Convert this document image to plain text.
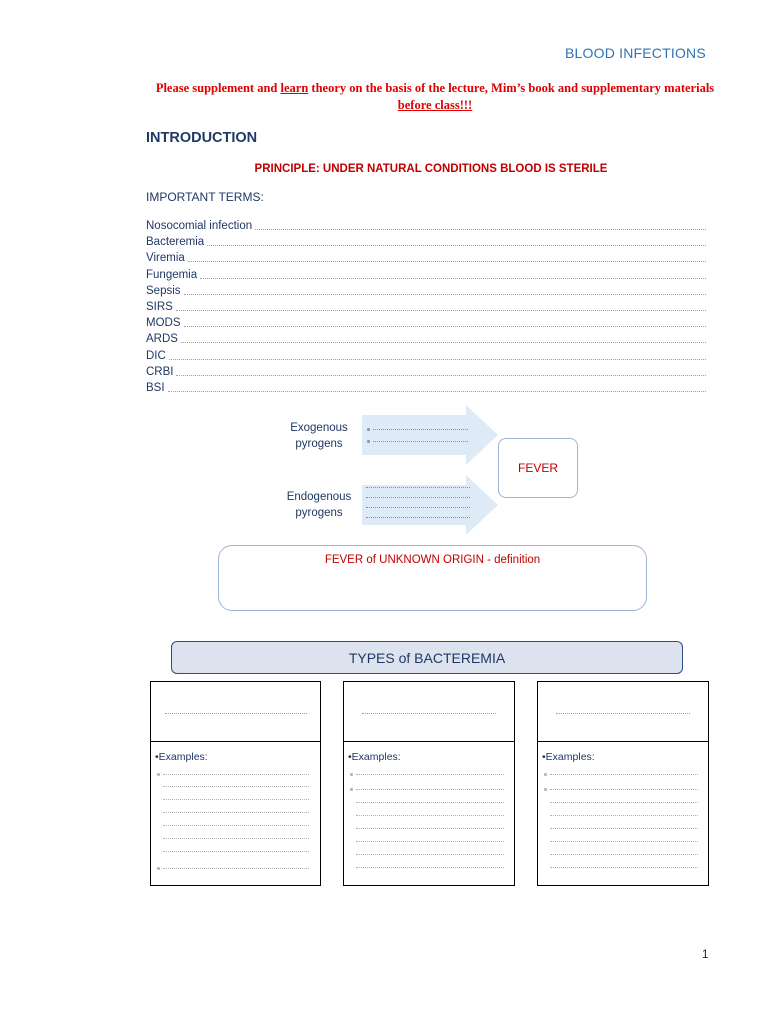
BLOOD INFECTIONS
Please supplement and learn theory on the basis of the lecture, Mim’s book and supplementary materials before class!!!
INTRODUCTION
PRINCIPLE: UNDER NATURAL CONDITIONS BLOOD IS STERILE
IMPORTANT TERMS:
Nosocomial infection
Bacteremia
Viremia
Fungemia
Sepsis
SIRS
MODS
ARDS
DIC
CRBI
BSI
Exogenous pyrogens
Endogenous pyrogens
FEVER
FEVER of UNKNOWN ORIGIN - definition
TYPES of BACTEREMIA
•Examples:	•Examples:	•Examples:
1
